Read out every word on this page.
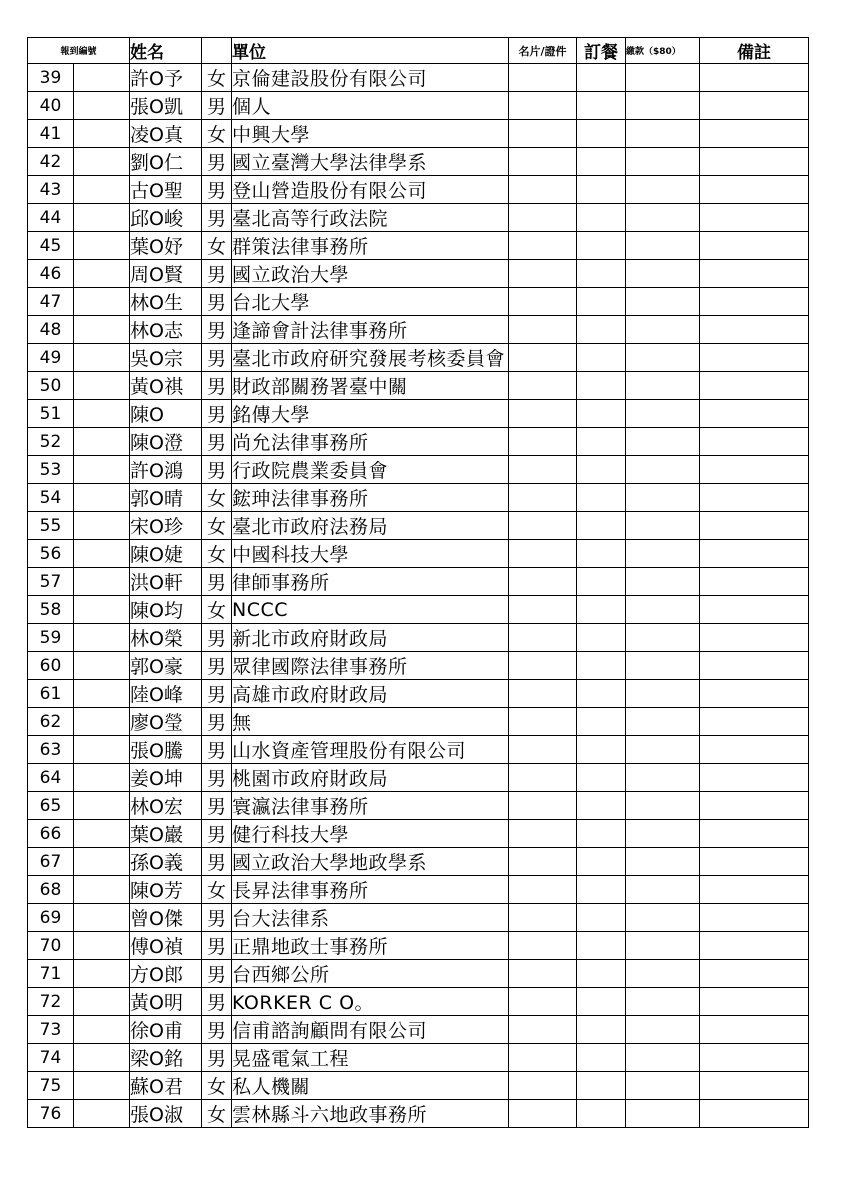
報到編號		姓名		單位	名片/證件	訂餐	繳款（$80）	備註
39		許O予	女	京倫建設股份有限公司				
40		張O凱	男	個人				
41		凌O真	女	中興大學				
42		劉O仁	男	國立臺灣大學法律學系				
43		古O聖	男	登山營造股份有限公司				
44		邱O峻	男	臺北高等行政法院				
45		葉O妤	女	群策法律事務所				
46		周O賢	男	國立政治大學				
47		林O生	男	台北大學				
48		林O志	男	逢諦會計法律事務所				
49		吳O宗	男	臺北市政府研究發展考核委員會				
50		黃O祺	男	財政部關務署臺中關				
51		陳O	男	銘傳大學				
52		陳O澄	男	尚允法律事務所				
53		許O鴻	男	行政院農業委員會				
54		郭O晴	女	鋐珅法律事務所				
55		宋O珍	女	臺北市政府法務局				
56		陳O婕	女	中國科技大學				
57		洪O軒	男	律師事務所				
58		陳O均	女	NCCC				
59		林O榮	男	新北市政府財政局				
60		郭O豪	男	眾律國際法律事務所				
61		陸O峰	男	高雄市政府財政局				
62		廖O瑩	男	無				
63		張O騰	男	山水資產管理股份有限公司				
64		姜O坤	男	桃園市政府財政局				
65		林O宏	男	寰瀛法律事務所				
66		葉O巖	男	健行科技大學				
67		孫O義	男	國立政治大學地政學系				
68		陳O芳	女	長昇法律事務所				
69		曾O傑	男	台大法律系				
70		傅O禎	男	正鼎地政士事務所				
71		方O郎	男	台西鄉公所				
72		黃O明	男	KORKER C O。				
73		徐O甫	男	信甫諮詢顧問有限公司				
74		梁O銘	男	晃盛電氣工程				
75		蘇O君	女	私人機關				
76		張O淑	女	雲林縣斗六地政事務所				
